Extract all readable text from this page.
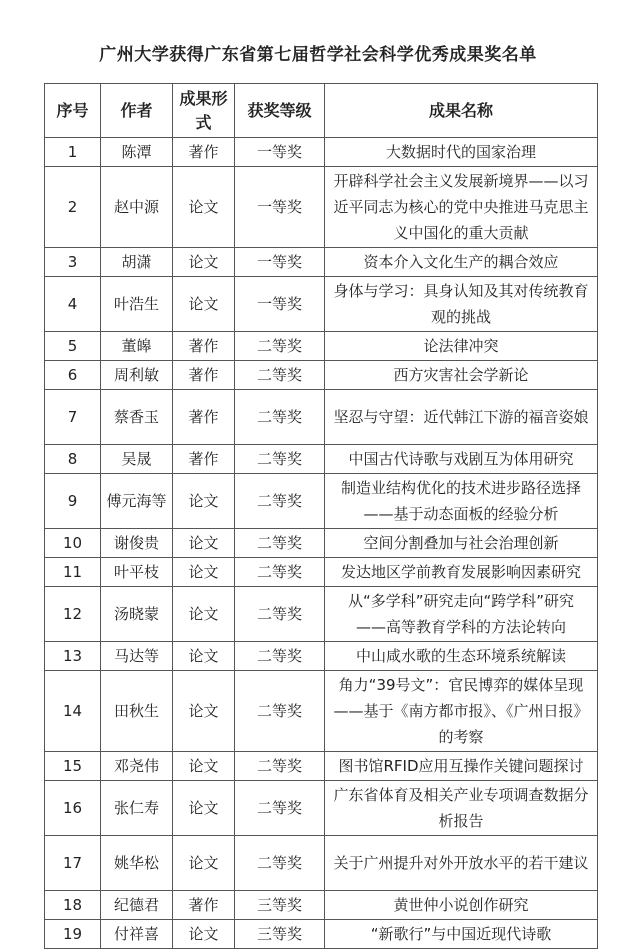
广州大学获得广东省第七届哲学社会科学优秀成果奖名单
序号	作者	成果形式	获奖等级	成果名称
1	陈潭	著作	一等奖	大数据时代的国家治理
2	赵中源	论文	一等奖	开辟科学社会主义发展新境界——以习近平同志为核心的党中央推进马克思主义中国化的重大贡献
3	胡潇	论文	一等奖	资本介入文化生产的耦合效应
4	叶浩生	论文	一等奖	身体与学习：具身认知及其对传统教育观的挑战
5	董皞	著作	二等奖	论法律冲突
6	周利敏	著作	二等奖	西方灾害社会学新论
7	蔡香玉	著作	二等奖	坚忍与守望：近代韩江下游的福音姿娘
8	吴晟	著作	二等奖	中国古代诗歌与戏剧互为体用研究
9	傅元海等	论文	二等奖	制造业结构优化的技术进步路径选择——基于动态面板的经验分析
10	谢俊贵	论文	二等奖	空间分割叠加与社会治理创新
11	叶平枝	论文	二等奖	发达地区学前教育发展影响因素研究
12	汤晓蒙	论文	二等奖	从“多学科”研究走向“跨学科”研究——高等教育学科的方法论转向
13	马达等	论文	二等奖	中山咸水歌的生态环境系统解读
14	田秋生	论文	二等奖	角力“39号文”：官民博弈的媒体呈现——基于《南方都市报》、《广州日报》的考察
15	邓尧伟	论文	二等奖	图书馆RFID应用互操作关键问题探讨
16	张仁寿	论文	二等奖	广东省体育及相关产业专项调查数据分析报告
17	姚华松	论文	二等奖	关于广州提升对外开放水平的若干建议
18	纪德君	著作	三等奖	黄世仲小说创作研究
19	付祥喜	论文	三等奖	“新歌行”与中国近现代诗歌
